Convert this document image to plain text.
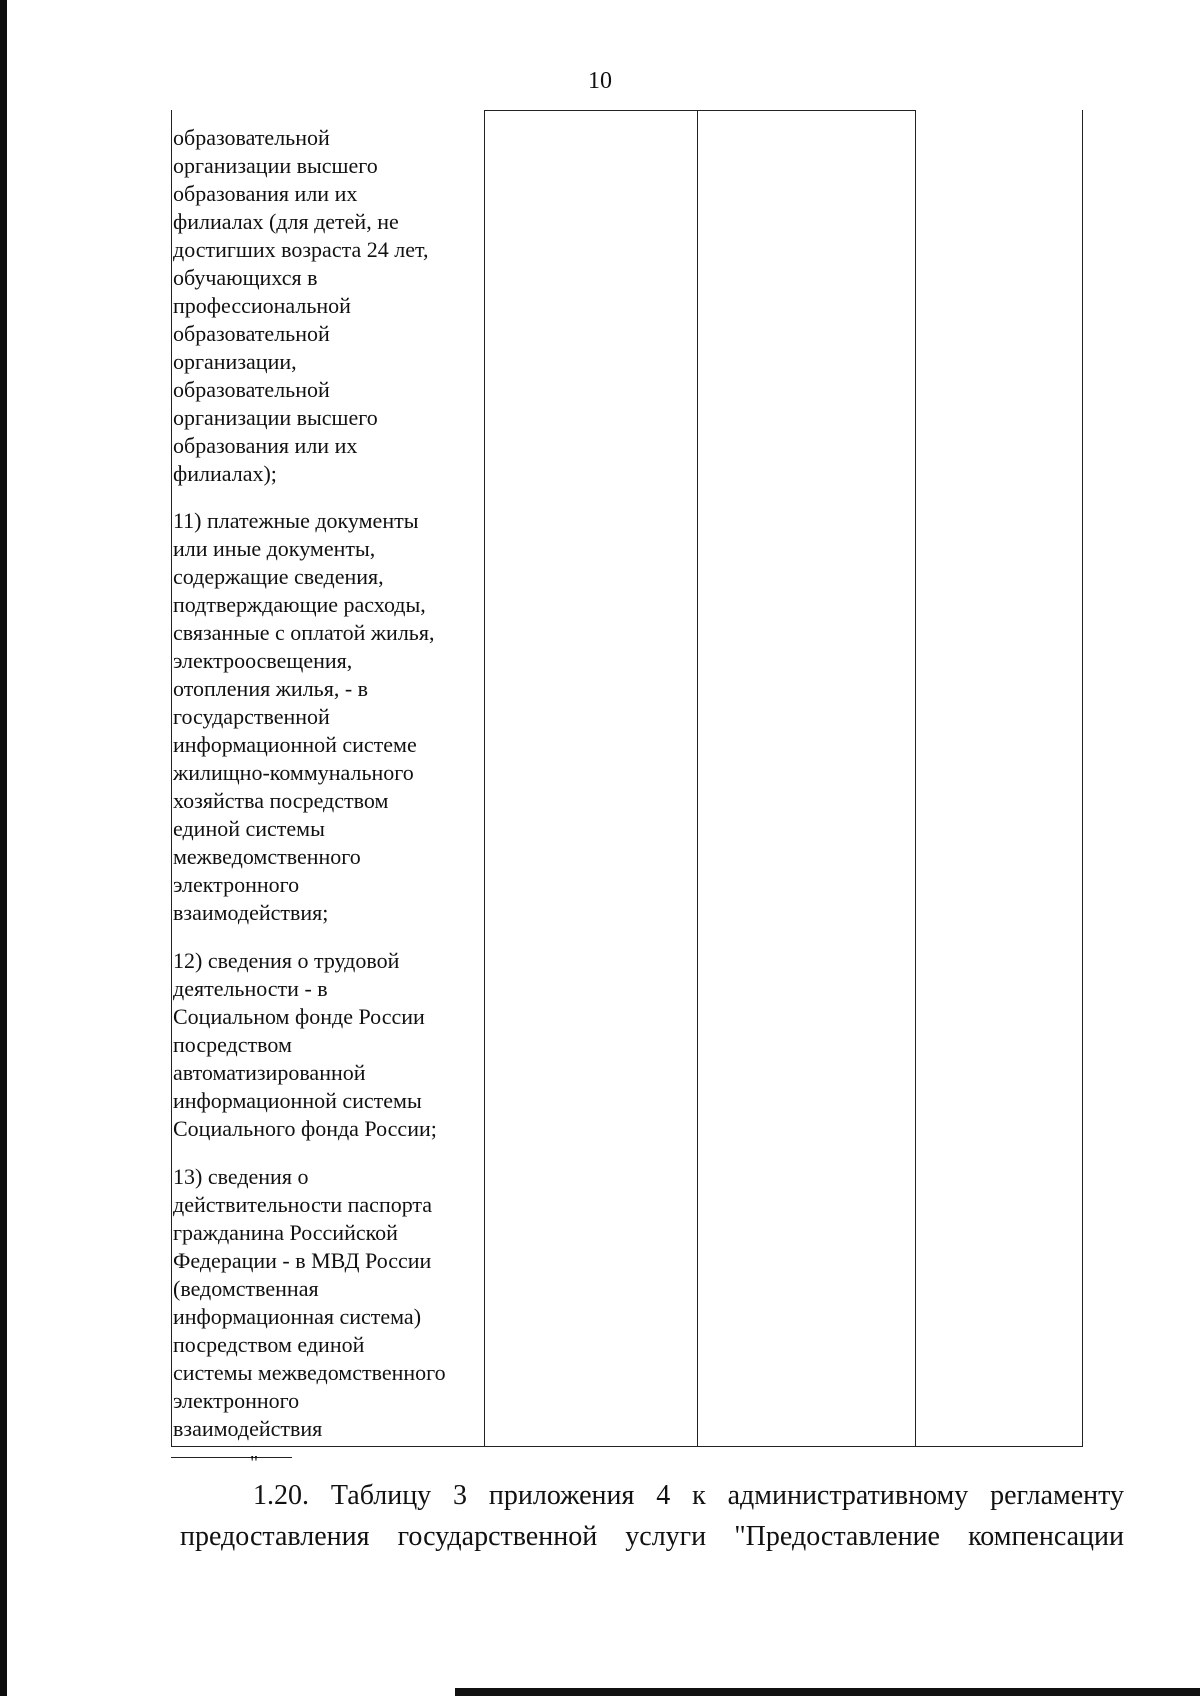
10
образовательной
организации высшего
образования или их
филиалах (для детей, не
достигших возраста 24 лет,
обучающихся в
профессиональной
образовательной
организации,
образовательной
организации высшего
образования или их
филиалах);
11) платежные документы
или иные документы,
содержащие сведения,
подтверждающие расходы,
связанные с оплатой жилья,
электроосвещения,
отопления жилья, - в
государственной
информационной системе
жилищно-коммунального
хозяйства посредством
единой системы
межведомственного
электронного
взаимодействия;
12) сведения о трудовой
деятельности - в
Социальном фонде России
посредством
автоматизированной
информационной системы
Социального фонда России;
13) сведения о
действительности паспорта
гражданина Российской
Федерации - в МВД России
(ведомственная
информационная система)
посредством единой
системы межведомственного
электронного
взаимодействия
"
1.20. Таблицу 3 приложения 4 к административному регламенту
предоставления государственной услуги "Предоставление компенсации
